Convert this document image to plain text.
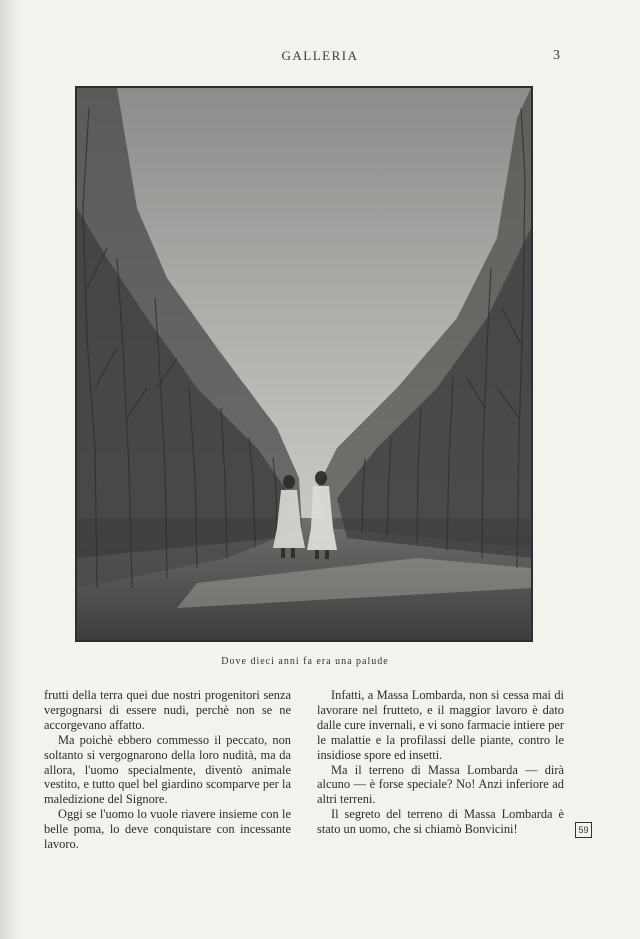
GALLERIA	3
Dove dieci anni fa era una palude

frutti della terra quei due nostri progenitori senza vergognarsi di essere nudi, perchè non se ne accorgevano affatto.

Ma poichè ebbero commesso il peccato, non soltanto si vergognarono della loro nudità, ma da allora, l'uomo specialmente, diventò animale vestito, e tutto quel bel giardino scomparve per la maledizione del Signore.

Oggi se l'uomo lo vuole riavere insieme con le belle poma, lo deve conquistare con incessante lavoro.

Infatti, a Massa Lombarda, non si cessa mai di lavorare nel frutteto, e il maggior lavoro è dato dalle cure invernali, e vi sono farmacie intiere per le malattie e la profilassi delle piante, contro le insidiose spore ed insetti.

Ma il terreno di Massa Lombarda — dirà alcuno — è forse speciale? No! Anzi inferiore ad altri terreni.

Il segreto del terreno di Massa Lombarda è stato un uomo, che si chiamò Bonvicini!	59
